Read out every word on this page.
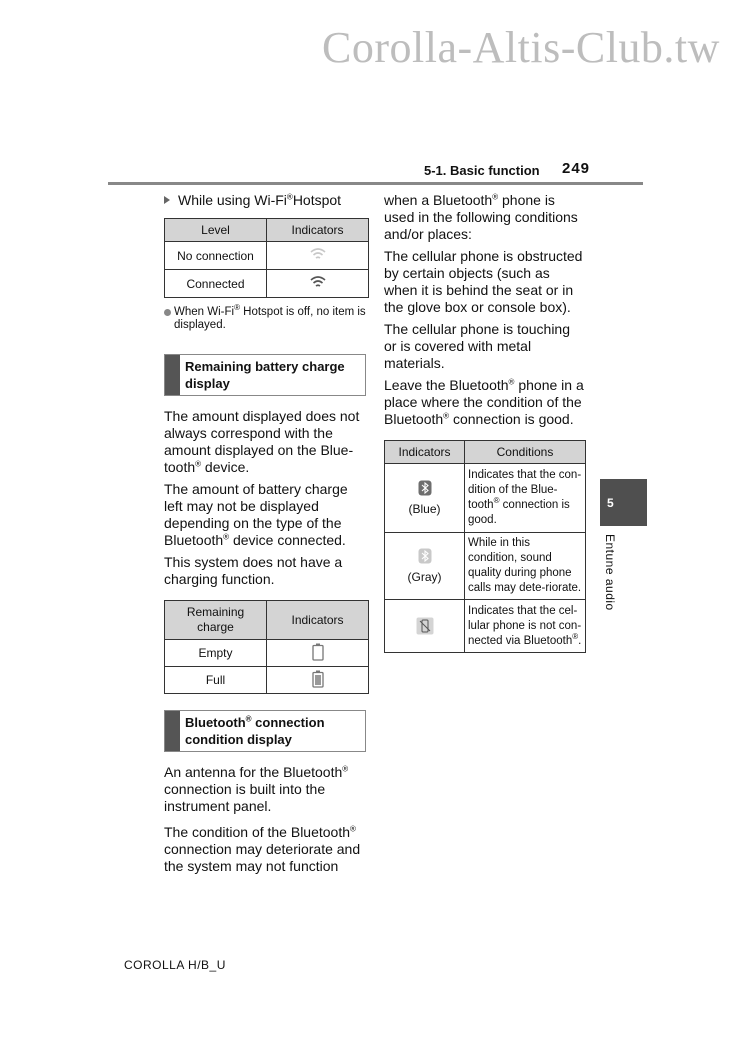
Corolla-Altis-Club.tw
5-1. Basic function 249
While using Wi-Fi®Hotspot
Level	Indicators
No connection	
Connected	
When Wi-Fi® Hotspot is off, no item is displayed.
Remaining battery charge display

The amount displayed does not always correspond with the amount displayed on the Blue-tooth® device.

The amount of battery charge left may not be displayed depending on the type of the Bluetooth® device connected.

This system does not have a charging function.

Remaining charge	Indicators
Empty	
Full	
Bluetooth® connection condition display

An antenna for the Bluetooth® connection is built into the instrument panel.

The condition of the Bluetooth® connection may deteriorate and the system may not function

when a Bluetooth® phone is used in the following conditions and/or places:

The cellular phone is obstructed by certain objects (such as when it is behind the seat or in the glove box or console box).

The cellular phone is touching or is covered with metal materials.

Leave the Bluetooth® phone in a place where the condition of the Bluetooth® connection is good.

Indicators	Conditions

(Blue)	Indicates that the con-dition of the Blue-tooth® connection is good.

(Gray)	While in this condition, sound quality during phone calls may dete-riorate.

	Indicates that the cel-lular phone is not con-nected via Bluetooth®.
5
Entune audio
COROLLA H/B_U
